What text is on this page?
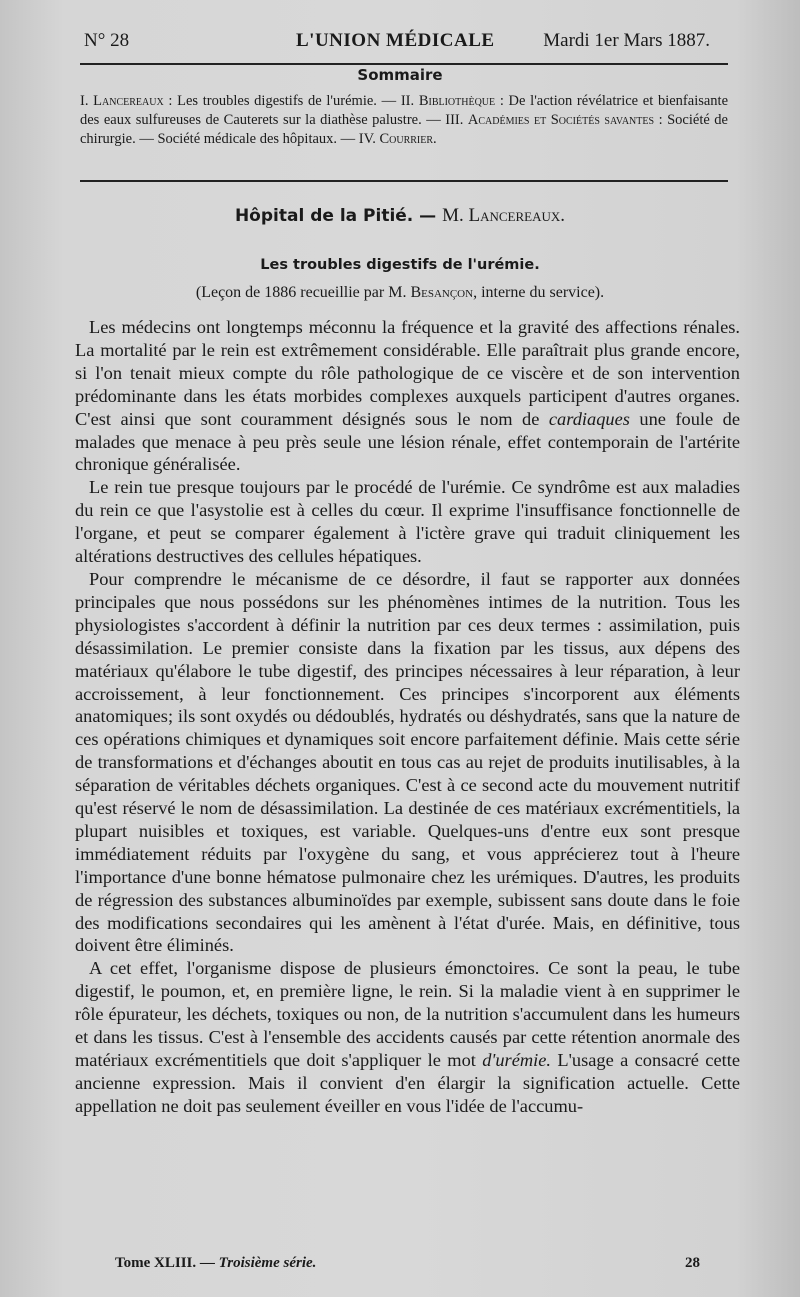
N° 28	L'UNION MÉDICALE	Mardi 1er Mars 1887.
Sommaire
I. Lancereaux : Les troubles digestifs de l'urémie. — II. Bibliothèque : De l'action révélatrice et bienfaisante des eaux sulfureuses de Cauterets sur la diathèse palustre. — III. Académies et Sociétés savantes : Société de chirurgie. — Société médicale des hôpitaux. — IV. Courrier.
Hôpital de la Pitié. — M. Lancereaux.
Les troubles digestifs de l'urémie.
(Leçon de 1886 recueillie par M. Besançon, interne du service).

Les médecins ont longtemps méconnu la fréquence et la gravité des affections rénales. La mortalité par le rein est extrêmement considérable. Elle paraîtrait plus grande encore, si l'on tenait mieux compte du rôle pathologique de ce viscère et de son intervention prédominante dans les états morbides complexes auxquels participent d'autres organes. C'est ainsi que sont couramment désignés sous le nom de cardiaques une foule de malades que menace à peu près seule une lésion rénale, effet contemporain de l'artérite chronique généralisée.

Le rein tue presque toujours par le procédé de l'urémie. Ce syndrôme est aux maladies du rein ce que l'asystolie est à celles du cœur. Il exprime l'insuffisance fonctionnelle de l'organe, et peut se comparer également à l'ictère grave qui traduit cliniquement les altérations destructives des cellules hépatiques.

Pour comprendre le mécanisme de ce désordre, il faut se rapporter aux données principales que nous possédons sur les phénomènes intimes de la nutrition. Tous les physiologistes s'accordent à définir la nutrition par ces deux termes : assimilation, puis désassimilation. Le premier consiste dans la fixation par les tissus, aux dépens des matériaux qu'élabore le tube digestif, des principes nécessaires à leur réparation, à leur accroissement, à leur fonctionnement. Ces principes s'incorporent aux éléments anatomiques; ils sont oxydés ou dédoublés, hydratés ou déshydratés, sans que la nature de ces opérations chimiques et dynamiques soit encore parfaitement définie. Mais cette série de transformations et d'échanges aboutit en tous cas au rejet de produits inutilisables, à la séparation de véritables déchets organiques. C'est à ce second acte du mouvement nutritif qu'est réservé le nom de désassimilation. La destinée de ces matériaux excrémentitiels, la plupart nuisibles et toxiques, est variable. Quelques-uns d'entre eux sont presque immédiatement réduits par l'oxygène du sang, et vous apprécierez tout à l'heure l'importance d'une bonne hématose pulmonaire chez les urémiques. D'autres, les produits de régression des substances albuminoïdes par exemple, subissent sans doute dans le foie des modifications secondaires qui les amènent à l'état d'urée. Mais, en définitive, tous doivent être éliminés.

A cet effet, l'organisme dispose de plusieurs émonctoires. Ce sont la peau, le tube digestif, le poumon, et, en première ligne, le rein. Si la maladie vient à en supprimer le rôle épurateur, les déchets, toxiques ou non, de la nutrition s'accumulent dans les humeurs et dans les tissus. C'est à l'ensemble des accidents causés par cette rétention anormale des matériaux excrémentitiels que doit s'appliquer le mot d'urémie. L'usage a consacré cette ancienne expression. Mais il convient d'en élargir la signification actuelle. Cette appellation ne doit pas seulement éveiller en vous l'idée de l'accumu-

Tome XLIII. — Troisième série.	28
